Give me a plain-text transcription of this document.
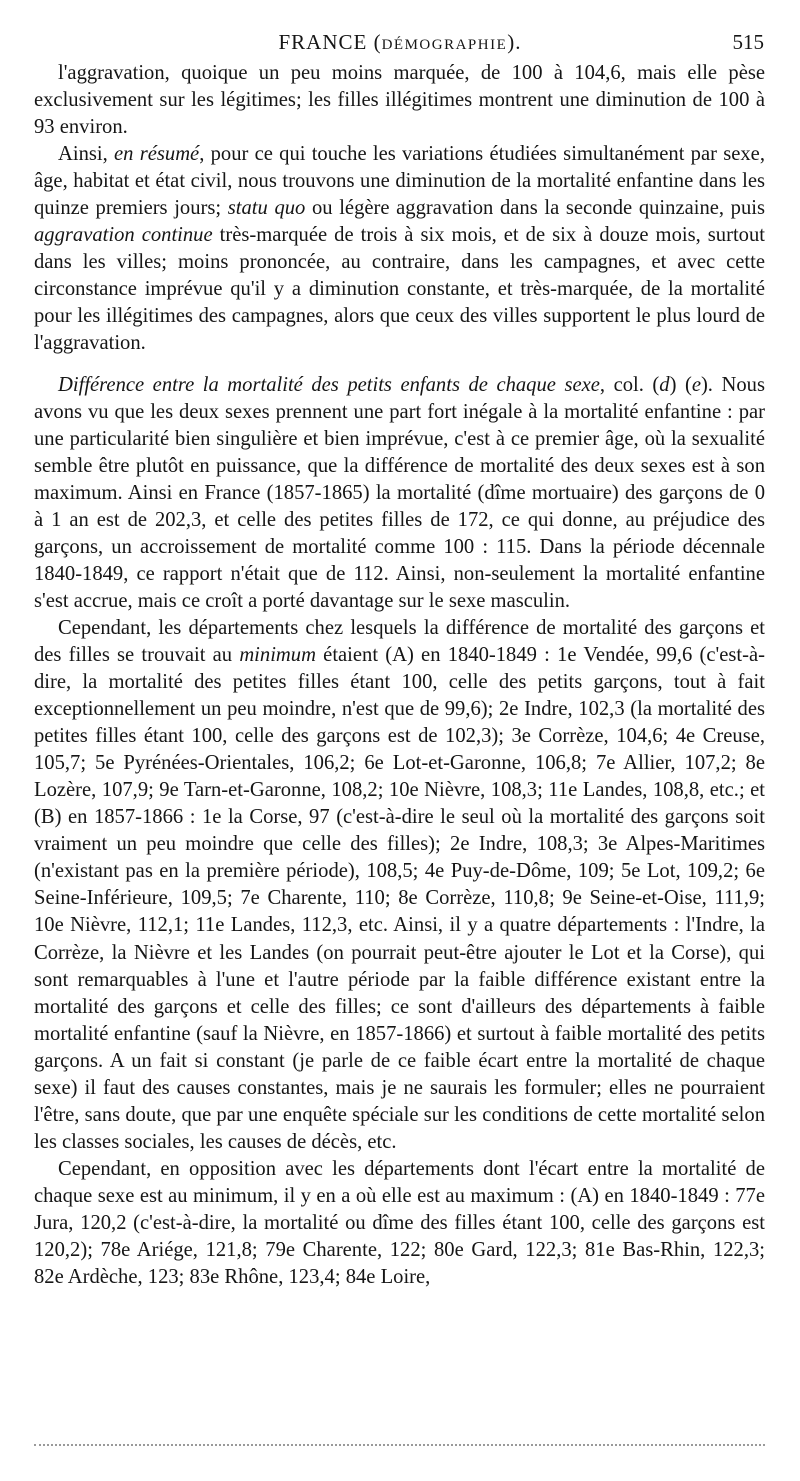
FRANCE (DÉMOGRAPHIE).	515

l'aggravation, quoique un peu moins marquée, de 100 à 104,6, mais elle pèse exclusivement sur les légitimes; les filles illégitimes montrent une diminution de 100 à 93 environ.

Ainsi, en résumé, pour ce qui touche les variations étudiées simultanément par sexe, âge, habitat et état civil, nous trouvons une diminution de la mortalité enfantine dans les quinze premiers jours; statu quo ou légère aggravation dans la seconde quinzaine, puis aggravation continue très-marquée de trois à six mois, et de six à douze mois, surtout dans les villes; moins prononcée, au contraire, dans les campagnes, et avec cette circonstance imprévue qu'il y a diminution constante, et très-marquée, de la mortalité pour les illégitimes des campagnes, alors que ceux des villes supportent le plus lourd de l'aggravation.

Différence entre la mortalité des petits enfants de chaque sexe, col. (d) (e). Nous avons vu que les deux sexes prennent une part fort inégale à la mortalité enfantine : par une particularité bien singulière et bien imprévue, c'est à ce premier âge, où la sexualité semble être plutôt en puissance, que la différence de mortalité des deux sexes est à son maximum. Ainsi en France (1857-1865) la mortalité (dîme mortuaire) des garçons de 0 à 1 an est de 202,3, et celle des petites filles de 172, ce qui donne, au préjudice des garçons, un accroissement de mortalité comme 100 : 115. Dans la période décennale 1840-1849, ce rapport n'était que de 112. Ainsi, non-seulement la mortalité enfantine s'est accrue, mais ce croît a porté davantage sur le sexe masculin.

Cependant, les départements chez lesquels la différence de mortalité des garçons et des filles se trouvait au minimum étaient (A) en 1840-1849 : 1e Vendée, 99,6 (c'est-à-dire, la mortalité des petites filles étant 100, celle des petits garçons, tout à fait exceptionnellement un peu moindre, n'est que de 99,6); 2e Indre, 102,3 (la mortalité des petites filles étant 100, celle des garçons est de 102,3); 3e Corrèze, 104,6; 4e Creuse, 105,7; 5e Pyrénées-Orientales, 106,2; 6e Lot-et-Garonne, 106,8; 7e Allier, 107,2; 8e Lozère, 107,9; 9e Tarn-et-Garonne, 108,2; 10e Nièvre, 108,3; 11e Landes, 108,8, etc.; et (B) en 1857-1866 : 1e la Corse, 97 (c'est-à-dire le seul où la mortalité des garçons soit vraiment un peu moindre que celle des filles); 2e Indre, 108,3; 3e Alpes-Maritimes (n'existant pas en la première période), 108,5; 4e Puy-de-Dôme, 109; 5e Lot, 109,2; 6e Seine-Inférieure, 109,5; 7e Charente, 110; 8e Corrèze, 110,8; 9e Seine-et-Oise, 111,9; 10e Nièvre, 112,1; 11e Landes, 112,3, etc. Ainsi, il y a quatre départements : l'Indre, la Corrèze, la Nièvre et les Landes (on pourrait peut-être ajouter le Lot et la Corse), qui sont remarquables à l'une et l'autre période par la faible différence existant entre la mortalité des garçons et celle des filles; ce sont d'ailleurs des départements à faible mortalité enfantine (sauf la Nièvre, en 1857-1866) et surtout à faible mortalité des petits garçons. A un fait si constant (je parle de ce faible écart entre la mortalité de chaque sexe) il faut des causes constantes, mais je ne saurais les formuler; elles ne pourraient l'être, sans doute, que par une enquête spéciale sur les conditions de cette mortalité selon les classes sociales, les causes de décès, etc.

Cependant, en opposition avec les départements dont l'écart entre la mortalité de chaque sexe est au minimum, il y en a où elle est au maximum : (A) en 1840-1849 : 77e Jura, 120,2 (c'est-à-dire, la mortalité ou dîme des filles étant 100, celle des garçons est 120,2); 78e Ariége, 121,8; 79e Charente, 122; 80e Gard, 122,3; 81e Bas-Rhin, 122,3; 82e Ardèche, 123; 83e Rhône, 123,4; 84e Loire,
